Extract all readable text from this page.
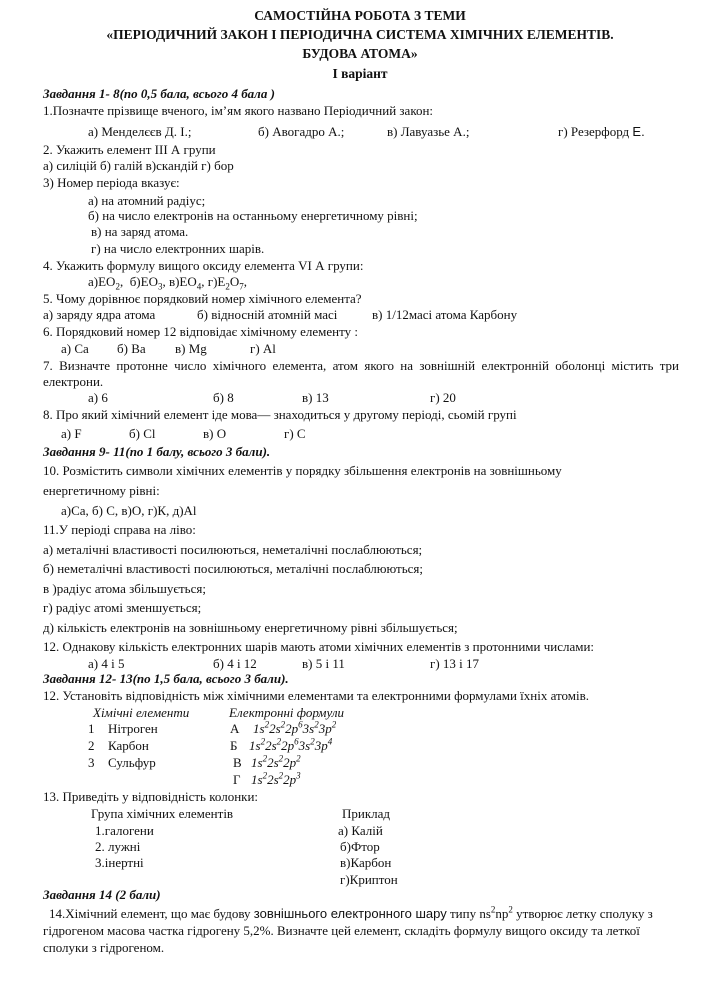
САМОСТІЙНА РОБОТА З ТЕМИ
«ПЕРІОДИЧНИЙ ЗАКОН І ПЕРІОДИЧНА СИСТЕМА ХІМІЧНИХ ЕЛЕМЕНТІВ.
БУДОВА АТОМА»
І варіант
Завдання 1- 8(по 0,5 бала, всього 4 бала )
1.Позначте прізвище вченого, ім’ям якого названо Періодичний закон:
а) Менделєєв Д. І.;	б) Авогадро А.;	в) Лавуазье А.;	г) Резерфорд Е.
2. Укажить елемент ІІІ А групи
а) силіцій б) галій в)скандій г) бор
3) Номер періода вказує:
а) на атомний радіус;
б) на число електронів на останньому енергетичному рівні;
в) на заряд атома.
г) на число електронних шарів.
4. Укажить формулу вищого оксиду елемента VI А групи:
$а)ЕО_2$,  $б)ЕО_3$, $в)ЕО_4$, $г)Е_2О_7$,
5. Чому дорівнює порядковий номер хімічного елемента?
а) заряду ядра атома	б) відносній атомній масі	в) 1/12масі атома Карбону
6. Порядковий номер 12 відповідає хімічному елементу :
а) Са б) Ва в) Mg	г) Al
7. Визначте протонне число хімічного елемента, атом якого на зовнішній електронній оболонці містить три електрони.
а) 6	б) 8	в) 13	г) 20
8. Про який хімічний елемент іде мова— знаходиться у другому періоді, сьомій групі
а) F	б) Cl	в) О	г) С
Завдання 9- 11(по 1 балу, всього 3 бали).
10. Розмістить символи хімічних елементів у порядку збільшення електронів на зовнішньому
енергетичному рівні:
а)Са, б) С, в)О, г)К, д)Al
11.У періоді справа на ліво:
а) металічні властивості посилюються, неметалічні послаблюються;
б) неметалічні властивості посилюються, металічні послаблюються;
в )радіус атома збільшується;
г) радіус атомі зменшується;
д) кількість електронів на зовнішньому енергетичному рівні збільшується;
12. Однакову кількість електронних шарів мають атоми хімічних елементів з протонними числами:
а) 4 і 5	б) 4 і 12	в) 5 і 11	г) 13 і 17
Завдання 12- 13(по 1,5 бала, всього 3 бали).
12. Установіть відповідність між хімічними елементами та електронними формулами їхніх атомів.
Хімічні елементи	Електронні формули
1 Нітроген	А $1s^22s^22p^63s^23p^2$
2 Карбон	Б $1s^22s^22p^63s^23p^4$
3 Сульфур	В $1s^22s^22p^2$
Г $1s^22s^22p^3$
13. Приведіть у відповідність колонки:
Група хімічних елементів	Приклад
1.галогени	а) Калій
2. лужні	б)Фтор
3.інертні	в)Карбон
г)Криптон
Завдання 14 (2 бали)
14.Хімічний елемент, що має будову зовнішнього електронного шару типу $ns^2np^2$ утворює летку сполуку з гідрогеном масова частка гідрогену 5,2%. Визначте цей елемент, складіть формулу вищого оксиду та леткої сполуки з гідрогеном.
